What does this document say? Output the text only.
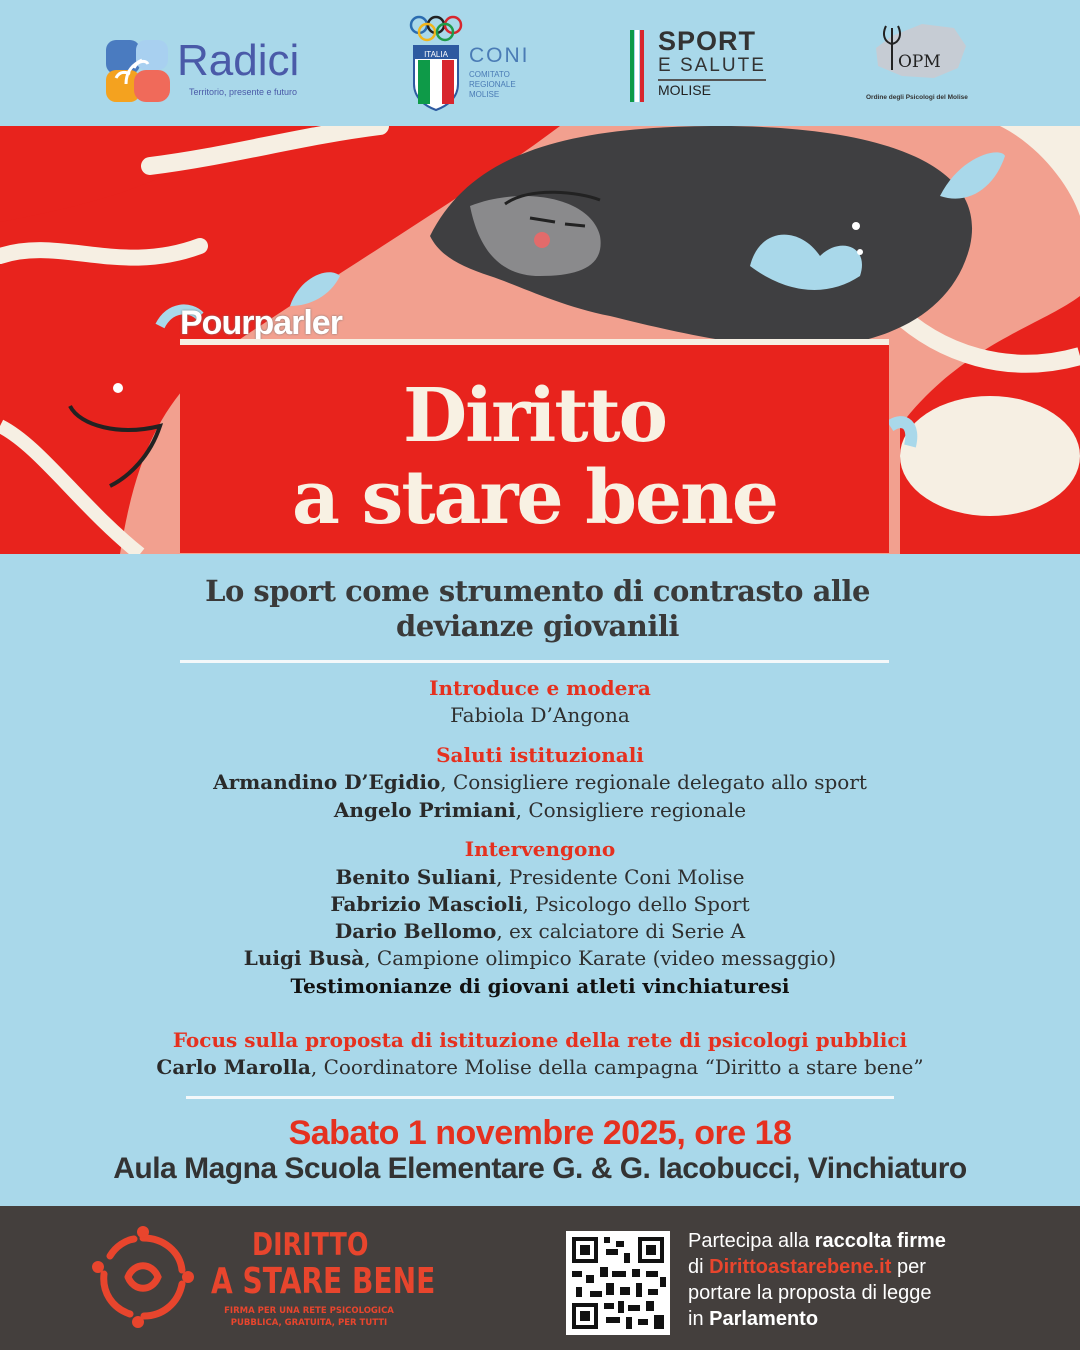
Radici
Territorio, presente e futuro
ITALIA	CONI
COMITATO
REGIONALE
MOLISE
SPORT
E SALUTE
MOLISE
OPM
Ordine degli Psicologi del Molise
Pourparler
Diritto
a stare bene
Lo sport come strumento di contrasto alle devianze giovanili
Introduce e modera
Fabiola D’Angona
Saluti istituzionali
Armandino D’Egidio, Consigliere regionale delegato allo sport
Angelo Primiani, Consigliere regionale
Intervengono
Benito Suliani, Presidente Coni Molise
Fabrizio Mascioli, Psicologo dello Sport
Dario Bellomo, ex calciatore di Serie A
Luigi Busà, Campione olimpico Karate (video messaggio)
Testimonianze di giovani atleti vinchiaturesi
Focus sulla proposta di istituzione della rete di psicologi pubblici
Carlo Marolla, Coordinatore Molise della campagna “Diritto a stare bene”
Sabato 1 novembre 2025, ore 18
Aula Magna Scuola Elementare G. & G. Iacobucci, Vinchiaturo
DIRITTO
A STARE BENE
FIRMA PER UNA RETE PSICOLOGICA PUBBLICA, GRATUITA, PER TUTTI
Partecipa alla raccolta firme
di Dirittoastarebene.it per
portare la proposta di legge
in Parlamento
